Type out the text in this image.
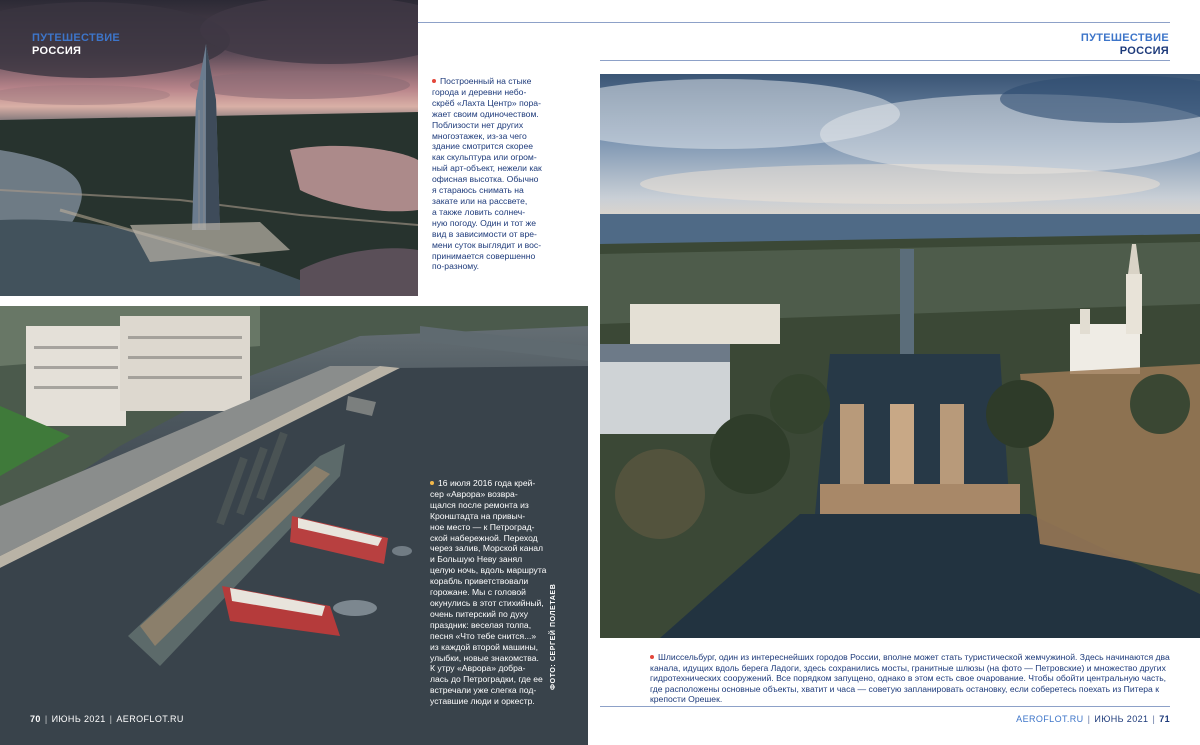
ПУТЕШЕСТВИЕ
РОССИЯ
Построенный на стыке
города и деревни небо-
скрёб «Лахта Центр» пора-
жает своим одиночеством.
Поблизости нет других
многоэтажек, из-за чего
здание смотрится скорее
как скульптура или огром-
ный арт-объект, нежели как
офисная высотка. Обычно
я стараюсь снимать на
закате или на рассвете,
а также ловить солнеч-
ную погоду. Один и тот же
вид в зависимости от вре-
мени суток выглядит и вос-
принимается совершенно
по-разному.
16 июля 2016 года крей-
сер «Аврора» возвра-
щался после ремонта из
Кронштадта на привыч-
ное место — к Петроград-
ской набережной. Переход
через залив, Морской канал
и Большую Неву занял
целую ночь, вдоль маршрута
корабль приветствовали
горожане. Мы с головой
окунулись в этот стихийный,
очень питерский по духу
праздник: веселая толпа,
песня «Что тебе снится...»
из каждой второй машины,
улыбки, новые знакомства.
К утру «Аврора» добра-
лась до Петроградки, где ее
встречали уже слегка под-
уставшие люди и оркестр.
ФОТО: СЕРГЕЙ ПОЛЕТАЕВ
70 | ИЮНЬ 2021 | AEROFLOT.RU
ПУТЕШЕСТВИЕ
РОССИЯ
Шлиссельбург, один из интереснейших городов России, вполне может стать туристической жемчужиной. Здесь начинаются два канала, идущих вдоль берега Ладоги, здесь сохранились мосты, гранитные шлюзы (на фото — Петровские) и множество других гидротехнических сооружений. Все порядком запущено, однако в этом есть свое очарование. Чтобы обойти центральную часть, где расположены основные объекты, хватит и часа — советую запланировать остановку, если соберетесь поехать из Питера к крепости Орешек.
AEROFLOT.RU | ИЮНЬ 2021 | 71
